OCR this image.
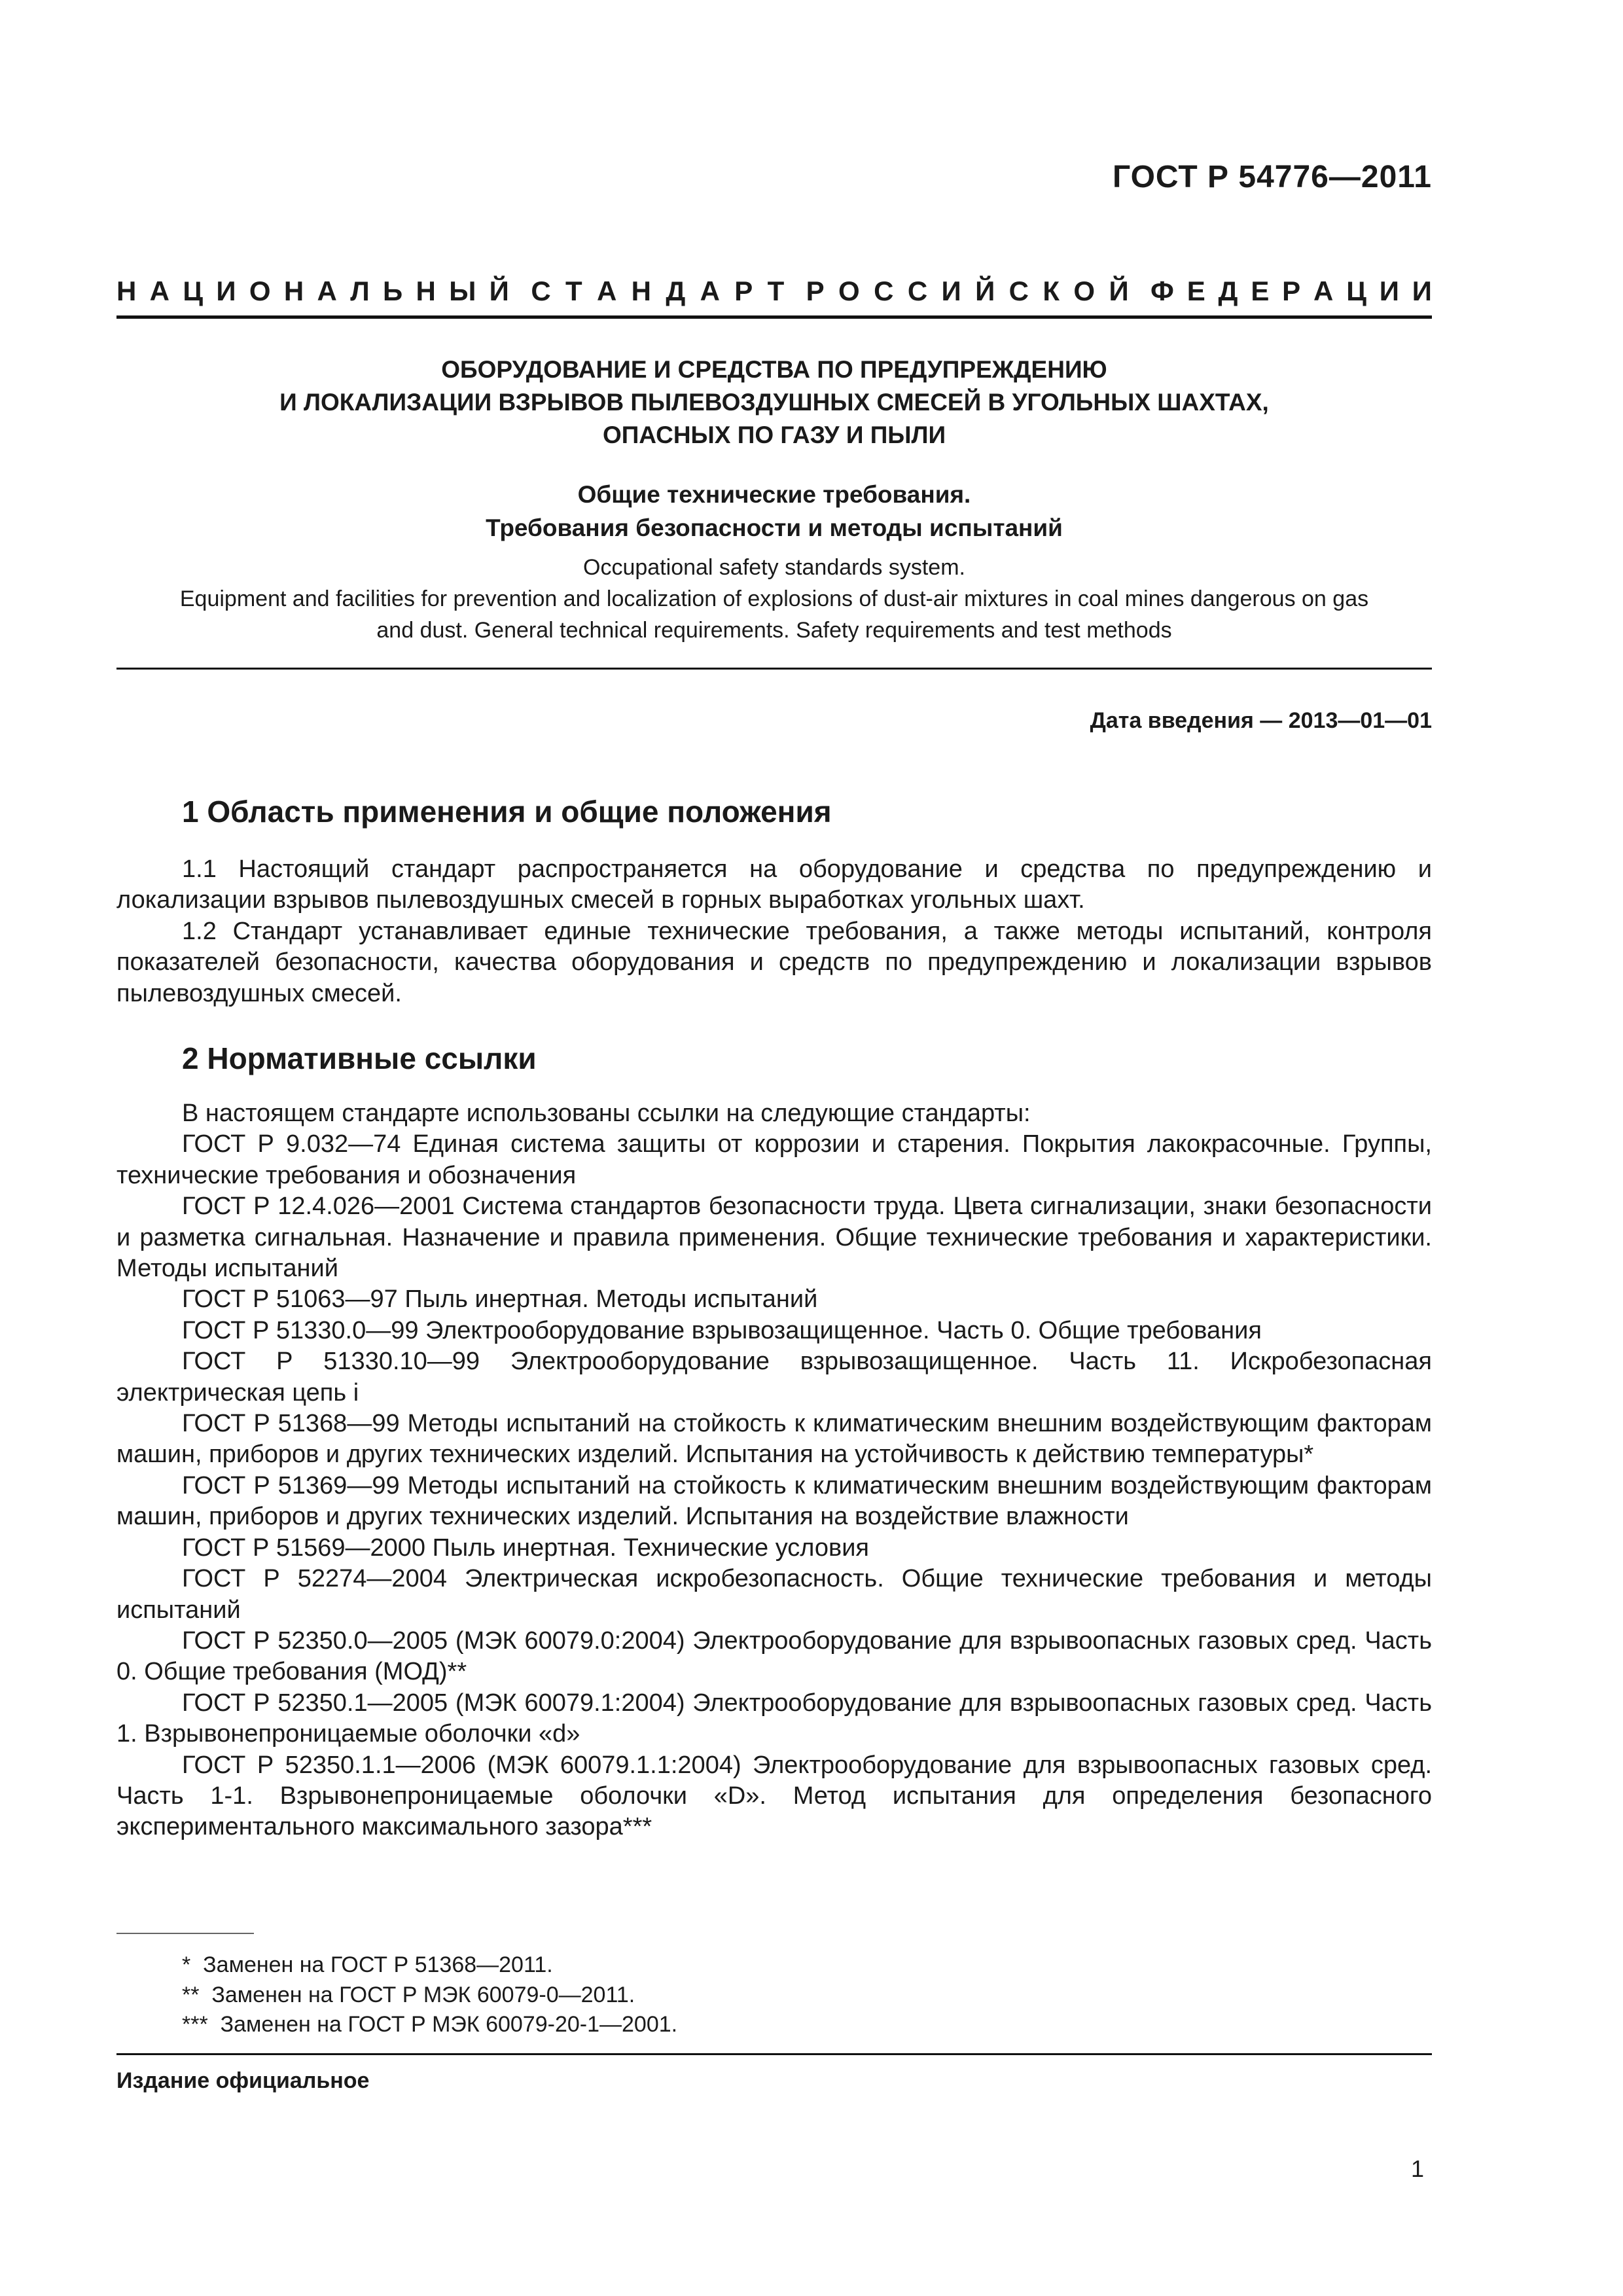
ГОСТ Р 54776—2011
Н А Ц И О Н А Л Ь Н Ы Й С Т А Н Д А Р Т Р О С С И Й С К О Й Ф Е Д Е Р А Ц И И
ОБОРУДОВАНИЕ И СРЕДСТВА ПО ПРЕДУПРЕЖДЕНИЮ
И ЛОКАЛИЗАЦИИ ВЗРЫВОВ ПЫЛЕВОЗДУШНЫХ СМЕСЕЙ В УГОЛЬНЫХ ШАХТАХ,
ОПАСНЫХ ПО ГАЗУ И ПЫЛИ
Общие технические требования.
Требования безопасности и методы испытаний
Occupational safety standards system.
Equipment and facilities for prevention and localization of explosions of dust-air mixtures in coal mines dangerous on gas
and dust. General technical requirements. Safety requirements and test methods
Дата введения — 2013—01—01
1 Область применения и общие положения

1.1 Настоящий стандарт распространяется на оборудование и средства по предупреждению и локализации взрывов пылевоздушных смесей в горных выработках угольных шахт.

1.2 Стандарт устанавливает единые технические требования, а также методы испытаний, контроля показателей безопасности, качества оборудования и средств по предупреждению и локализации взрывов пылевоздушных смесей.

2 Нормативные ссылки

В настоящем стандарте использованы ссылки на следующие стандарты:

ГОСТ Р 9.032—74 Единая система защиты от коррозии и старения. Покрытия лакокрасочные. Группы, технические требования и обозначения

ГОСТ Р 12.4.026—2001 Система стандартов безопасности труда. Цвета сигнализации, знаки безопасности и разметка сигнальная. Назначение и правила применения. Общие технические требования и характеристики. Методы испытаний

ГОСТ Р 51063—97 Пыль инертная. Методы испытаний

ГОСТ Р 51330.0—99 Электрооборудование взрывозащищенное. Часть 0. Общие требования

ГОСТ Р 51330.10—99 Электрооборудование взрывозащищенное. Часть 11. Искробезопасная электрическая цепь i

ГОСТ Р 51368—99 Методы испытаний на стойкость к климатическим внешним воздействующим факторам машин, приборов и других технических изделий. Испытания на устойчивость к действию температуры*

ГОСТ Р 51369—99 Методы испытаний на стойкость к климатическим внешним воздействующим факторам машин, приборов и других технических изделий. Испытания на воздействие влажности

ГОСТ Р 51569—2000 Пыль инертная. Технические условия

ГОСТ Р 52274—2004 Электрическая искробезопасность. Общие технические требования и методы испытаний

ГОСТ Р 52350.0—2005 (МЭК 60079.0:2004) Электрооборудование для взрывоопасных газовых сред. Часть 0. Общие требования (МОД)**

ГОСТ Р 52350.1—2005 (МЭК 60079.1:2004) Электрооборудование для взрывоопасных газовых сред. Часть 1. Взрывонепроницаемые оболочки «d»

ГОСТ Р 52350.1.1—2006 (МЭК 60079.1.1:2004) Электрооборудование для взрывоопасных газовых сред. Часть 1-1. Взрывонепроницаемые оболочки «D». Метод испытания для определения безопасного экспериментального максимального зазора***

*  Заменен на ГОСТ Р 51368—2011.
**  Заменен на ГОСТ Р МЭК 60079-0—2011.
***  Заменен на ГОСТ Р МЭК 60079-20-1—2001.
Издание официальное
1
